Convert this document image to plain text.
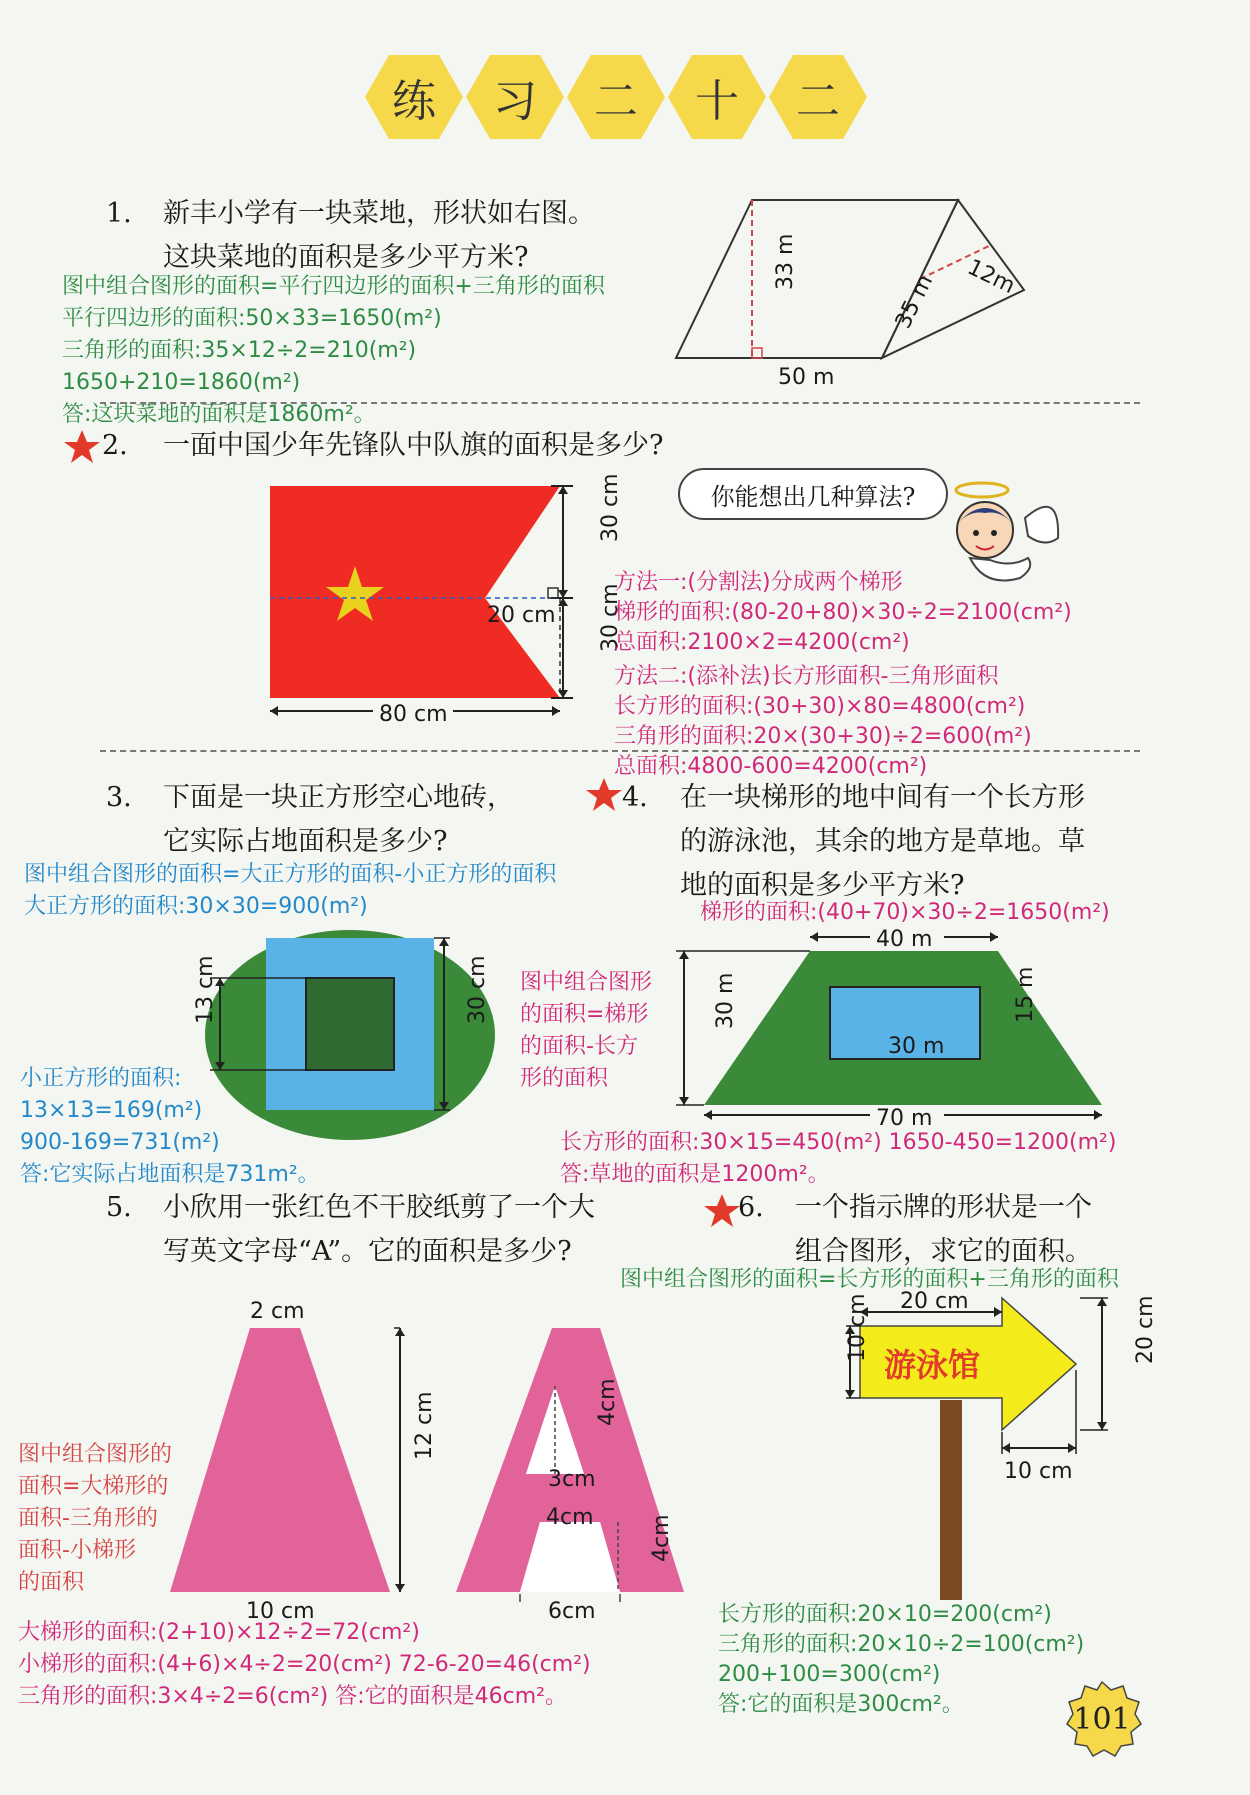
练	习	二	十	二
1. 新丰小学有一块菜地，形状如右图。
这块菜地的面积是多少平方米?
图中组合图形的面积=平行四边形的面积+三角形的面积
平行四边形的面积:50×33=1650(m²)
三角形的面积:35×12÷2=210(m²)
1650+210=1860(m²)
答:这块菜地的面积是1860m²。
33 m
35 m 12m
50 m
2. 一面中国少年先锋队中队旗的面积是多少?
你能想出几种算法?
30 cm
30 cm
20 cm
80 cm
方法一:(分割法)分成两个梯形
梯形的面积:(80-20+80)×30÷2=2100(cm²)
总面积:2100×2=4200(cm²)
方法二:(添补法)长方形面积-三角形面积
长方形的面积:(30+30)×80=4800(cm²)
三角形的面积:20×(30+30)÷2=600(m²)
总面积:4800-600=4200(cm²)
3. 下面是一块正方形空心地砖，
它实际占地面积是多少?
图中组合图形的面积=大正方形的面积-小正方形的面积
大正方形的面积:30×30=900(m²)
13 cm	30 cm
小正方形的面积:
13×13=169(m²)
900-169=731(m²)
答:它实际占地面积是731m²。
4. 在一块梯形的地中间有一个长方形
的游泳池，其余的地方是草地。草
地的面积是多少平方米?
梯形的面积:(40+70)×30÷2=1650(m²)
图中组合图形
的面积=梯形
的面积-长方
形的面积
40 m
30 m
30 m
15 m
70 m
长方形的面积:30×15=450(m²) 1650-450=1200(m²)
答:草地的面积是1200m²。
5. 小欣用一张红色不干胶纸剪了一个大
写英文字母“A”。它的面积是多少?
2 cm
12 cm
10 cm
4cm
3cm
4cm	4cm
6cm
图中组合图形的
面积=大梯形的
面积-三角形的
面积-小梯形
的面积
大梯形的面积:(2+10)×12÷2=72(cm²)
小梯形的面积:(4+6)×4÷2=20(cm²) 72-6-20=46(cm²)
三角形的面积:3×4÷2=6(cm²) 答:它的面积是46cm²。
6. 一个指示牌的形状是一个
组合图形，求它的面积。
图中组合图形的面积=长方形的面积+三角形的面积
游泳馆
20 cm
10 cm	20 cm
10 cm
长方形的面积:20×10=200(cm²)
三角形的面积:20×10÷2=100(cm²)
200+100=300(cm²)
答:它的面积是300cm²。	101
